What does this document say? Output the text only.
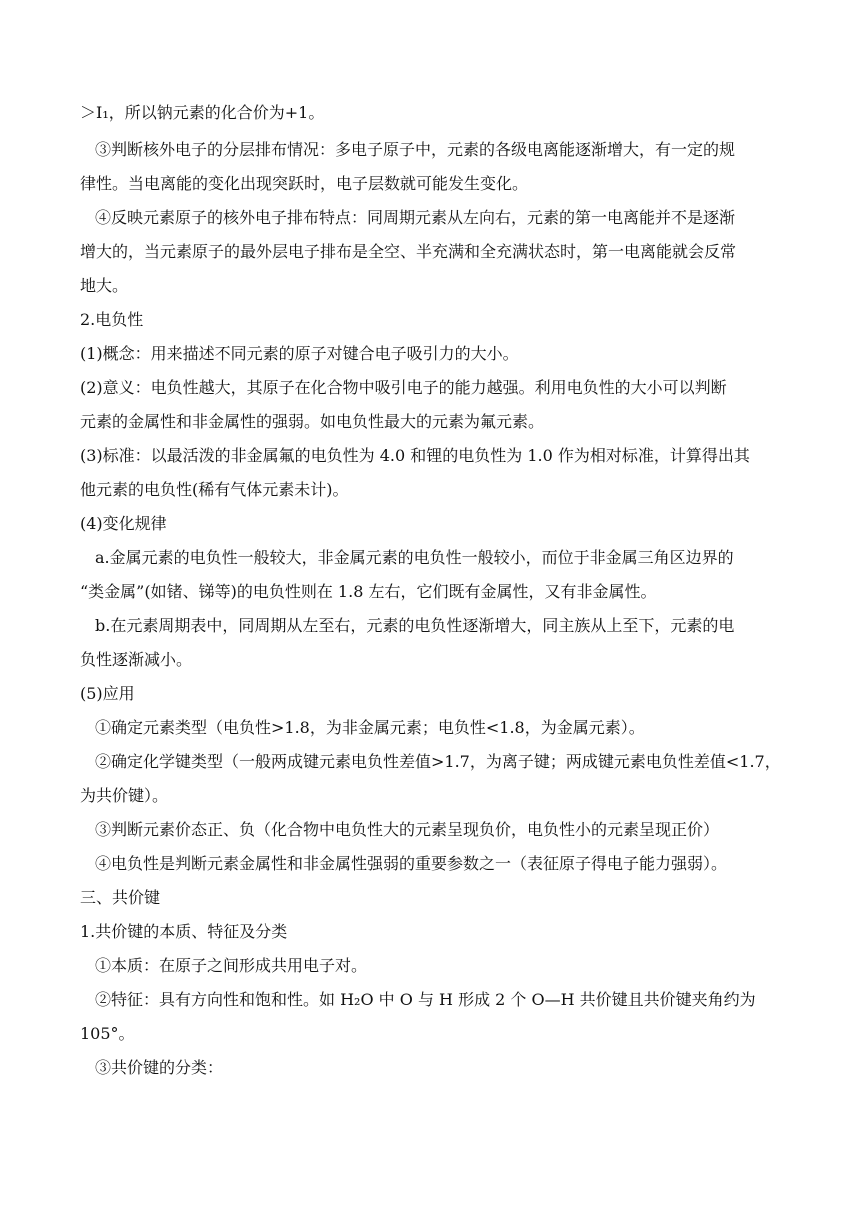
＞I₁，所以钠元素的化合价为+1。
③判断核外电子的分层排布情况：多电子原子中，元素的各级电离能逐渐增大，有一定的规
律性。当电离能的变化出现突跃时，电子层数就可能发生变化。
④反映元素原子的核外电子排布特点：同周期元素从左向右，元素的第一电离能并不是逐渐
增大的，当元素原子的最外层电子排布是全空、半充满和全充满状态时，第一电离能就会反常
地大。
2.电负性
(1)概念：用来描述不同元素的原子对键合电子吸引力的大小。
(2)意义：电负性越大，其原子在化合物中吸引电子的能力越强。利用电负性的大小可以判断
元素的金属性和非金属性的强弱。如电负性最大的元素为氟元素。
(3)标准：以最活泼的非金属氟的电负性为 4.0 和锂的电负性为 1.0 作为相对标准，计算得出其
他元素的电负性(稀有气体元素未计)。
(4)变化规律
a.金属元素的电负性一般较大，非金属元素的电负性一般较小，而位于非金属三角区边界的
“类金属”(如锗、锑等)的电负性则在 1.8 左右，它们既有金属性，又有非金属性。
b.在元素周期表中，同周期从左至右，元素的电负性逐渐增大，同主族从上至下，元素的电
负性逐渐减小。
(5)应用
①确定元素类型（电负性>1.8，为非金属元素；电负性<1.8，为金属元素）。
②确定化学键类型（一般两成键元素电负性差值>1.7，为离子键；两成键元素电负性差值<1.7，
为共价键）。
③判断元素价态正、负（化合物中电负性大的元素呈现负价，电负性小的元素呈现正价）
④电负性是判断元素金属性和非金属性强弱的重要参数之一（表征原子得电子能力强弱）。
三、共价键
1.共价键的本质、特征及分类
①本质：在原子之间形成共用电子对。
②特征：具有方向性和饱和性。如 H₂O 中 O 与 H 形成 2 个 O—H 共价键且共价键夹角约为
105°。
③共价键的分类：
